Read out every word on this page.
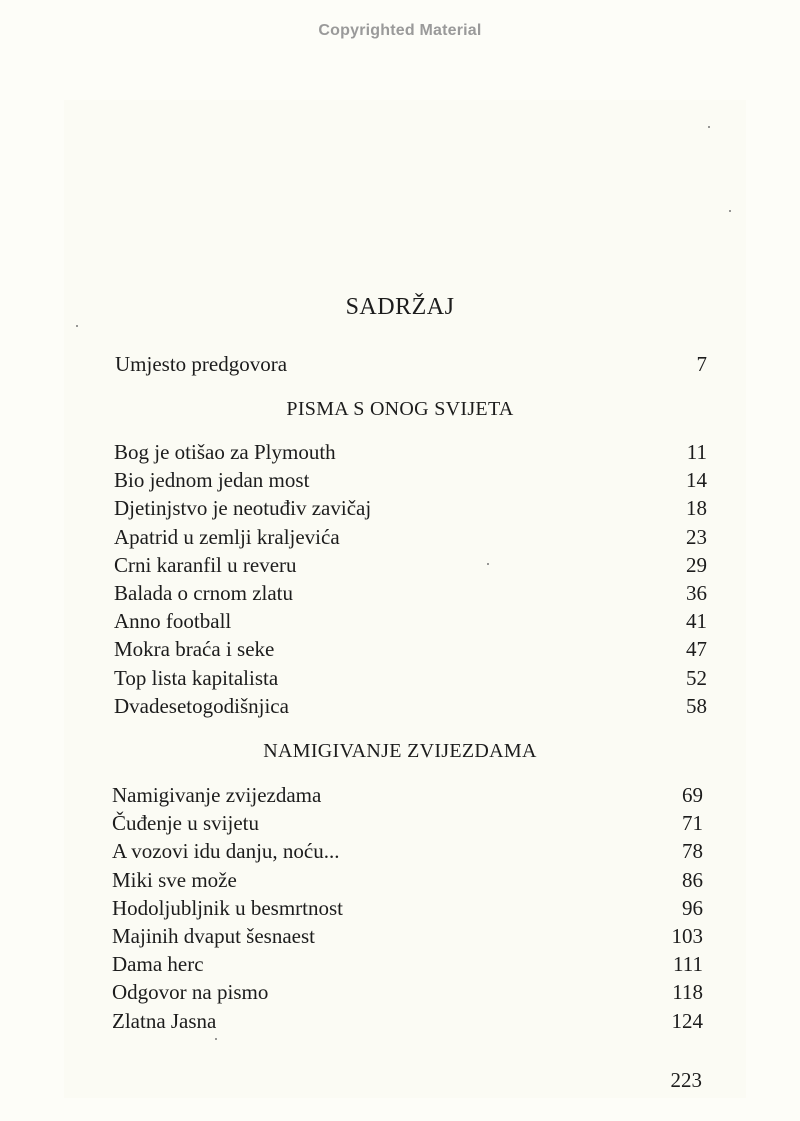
Copyrighted Material
SADRŽAJ
Umjesto predgovora	7
PISMA S ONOG SVIJETA
Bog je otišao za Plymouth	11
Bio jednom jedan most	14
Djetinjstvo je neotuđiv zavičaj	18
Apatrid u zemlji kraljevića	23
Crni karanfil u reveru	29
Balada o crnom zlatu	36
Anno football	41
Mokra braća i seke	47
Top lista kapitalista	52
Dvadesetogodišnjica	58
NAMIGIVANJE ZVIJEZDAMA
Namigivanje zvijezdama	69
Čuđenje u svijetu	71
A vozovi idu danju, noću...	78
Miki sve može	86
Hodoljubljnik u besmrtnost	96
Majinih dvaput šesnaest	103
Dama herc	111
Odgovor na pismo	118
Zlatna Jasna	124
223
